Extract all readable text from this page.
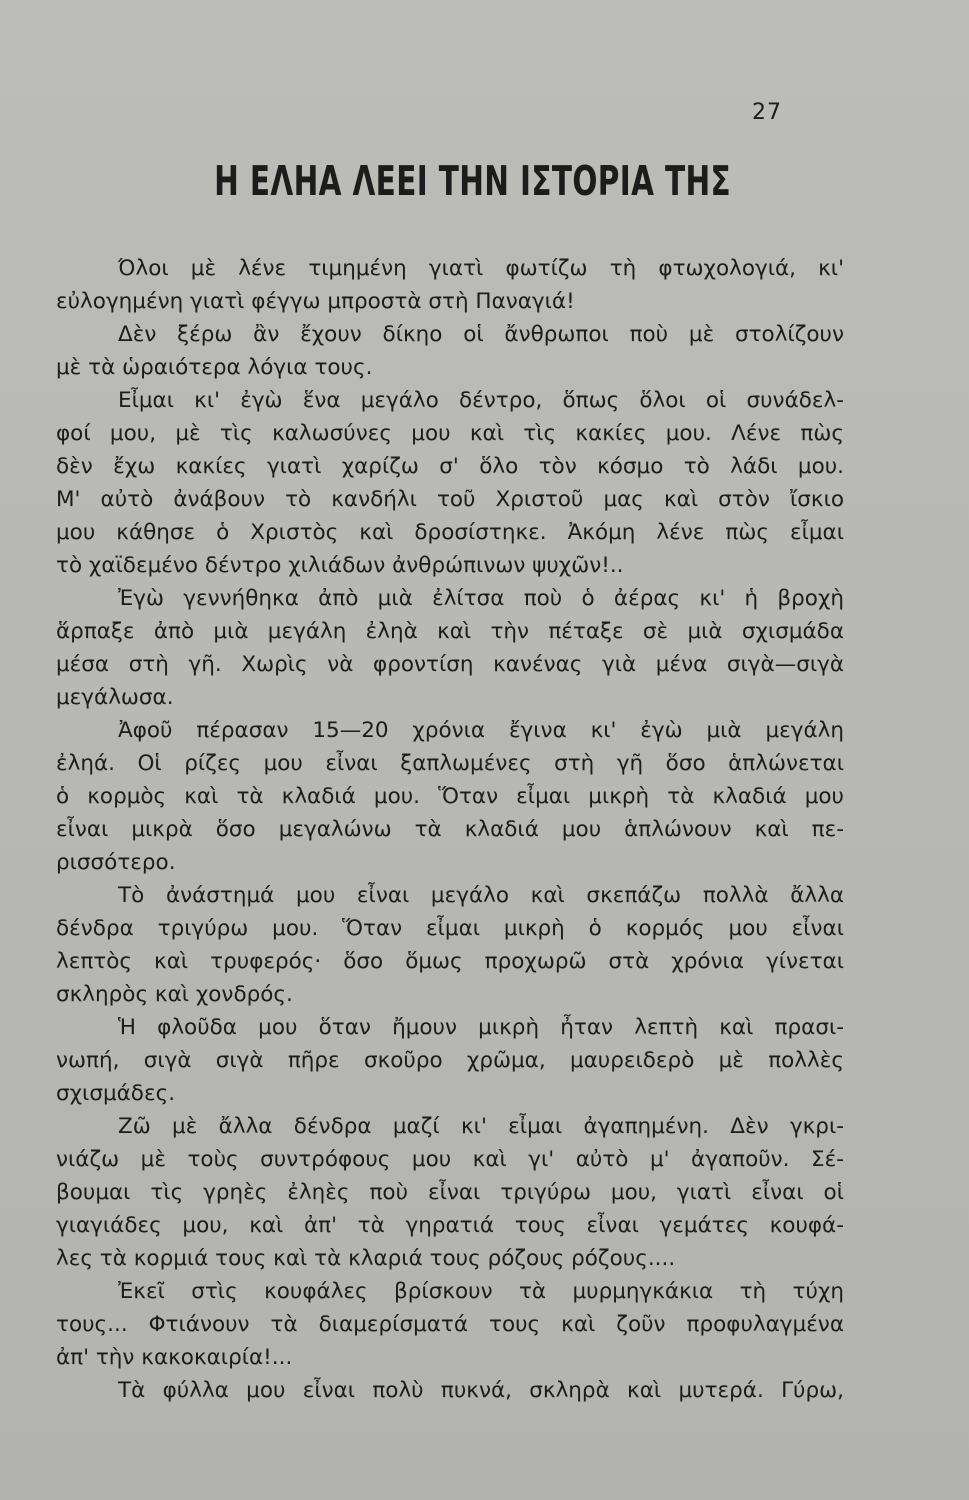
27
Η ΕΛΗΑ ΛΕΕΙ ΤΗΝ ΙΣΤΟΡΙΑ ΤΗΣ
Όλοι μὲ λένε τιμημένη γιατὶ φωτίζω τὴ φτωχολογιά, κι'
εὐλογημένη γιατὶ φέγγω μπροστὰ στὴ Παναγιά!
Δὲν ξέρω ἂν ἔχουν δίκηο οἱ ἄνθρωποι ποὺ μὲ στολίζουν
μὲ τὰ ὡραιότερα λόγια τους.
Εἶμαι κι' ἐγὼ ἕνα μεγάλο δέντρο, ὅπως ὅλοι οἱ συνάδελ-
φοί μου, μὲ τὶς καλωσύνες μου καὶ τὶς κακίες μου. Λένε πὼς
δὲν ἔχω κακίες γιατὶ χαρίζω σ' ὅλο τὸν κόσμο τὸ λάδι μου.
Μ' αὐτὸ ἀνάβουν τὸ κανδήλι τοῦ Χριστοῦ μας καὶ στὸν ἴσκιο
μου κάθησε ὁ Χριστὸς καὶ δροσίστηκε. Ἀκόμη λένε πὼς εἶμαι
τὸ χαϊδεμένο δέντρο χιλιάδων ἀνθρώπινων ψυχῶν!..
Ἐγὼ γεννήθηκα ἀπὸ μιὰ ἐλίτσα ποὺ ὁ ἀέρας κι' ἡ βροχὴ
ἅρπαξε ἀπὸ μιὰ μεγάλη ἐληὰ καὶ τὴν πέταξε σὲ μιὰ σχισμάδα
μέσα στὴ γῆ. Χωρὶς νὰ φροντίση κανένας γιὰ μένα σιγὰ—σιγὰ
μεγάλωσα.
Ἀφοῦ πέρασαν 15—20 χρόνια ἔγινα κι' ἐγὼ μιὰ μεγάλη
ἐληά. Οἱ ρίζες μου εἶναι ξαπλωμένες στὴ γῆ ὅσο ἁπλώνεται
ὁ κορμὸς καὶ τὰ κλαδιά μου. Ὅταν εἶμαι μικρὴ τὰ κλαδιά μου
εἶναι μικρὰ ὅσο μεγαλώνω τὰ κλαδιά μου ἁπλώνουν καὶ πε-
ρισσότερο.
Τὸ ἀνάστημά μου εἶναι μεγάλο καὶ σκεπάζω πολλὰ ἄλλα
δένδρα τριγύρω μου. Ὅταν εἶμαι μικρὴ ὁ κορμός μου εἶναι
λεπτὸς καὶ τρυφερός· ὅσο ὅμως προχωρῶ στὰ χρόνια γίνεται
σκληρὸς καὶ χονδρός.
Ἡ φλοῦδα μου ὅταν ἤμουν μικρὴ ἦταν λεπτὴ καὶ πρασι-
νωπή, σιγὰ σιγὰ πῆρε σκοῦρο χρῶμα, μαυρειδερὸ μὲ πολλὲς
σχισμάδες.
Ζῶ μὲ ἄλλα δένδρα μαζί κι' εἶμαι ἀγαπημένη. Δὲν γκρι-
νιάζω μὲ τοὺς συντρόφους μου καὶ γι' αὐτὸ μ' ἀγαποῦν. Σέ-
βουμαι τὶς γρηὲς ἐληὲς ποὺ εἶναι τριγύρω μου, γιατὶ εἶναι οἱ
γιαγιάδες μου, καὶ ἀπ' τὰ γηρατιά τους εἶναι γεμάτες κουφά-
λες τὰ κορμιά τους καὶ τὰ κλαριά τους ρόζους ρόζους....
Ἐκεῖ στὶς κουφάλες βρίσκουν τὰ μυρμηγκάκια τὴ τύχη
τους... Φτιάνουν τὰ διαμερίσματά τους καὶ ζοῦν προφυλαγμένα
ἀπ' τὴν κακοκαιρία!...
Τὰ φύλλα μου εἶναι πολὺ πυκνά, σκληρὰ καὶ μυτερά. Γύρω,
